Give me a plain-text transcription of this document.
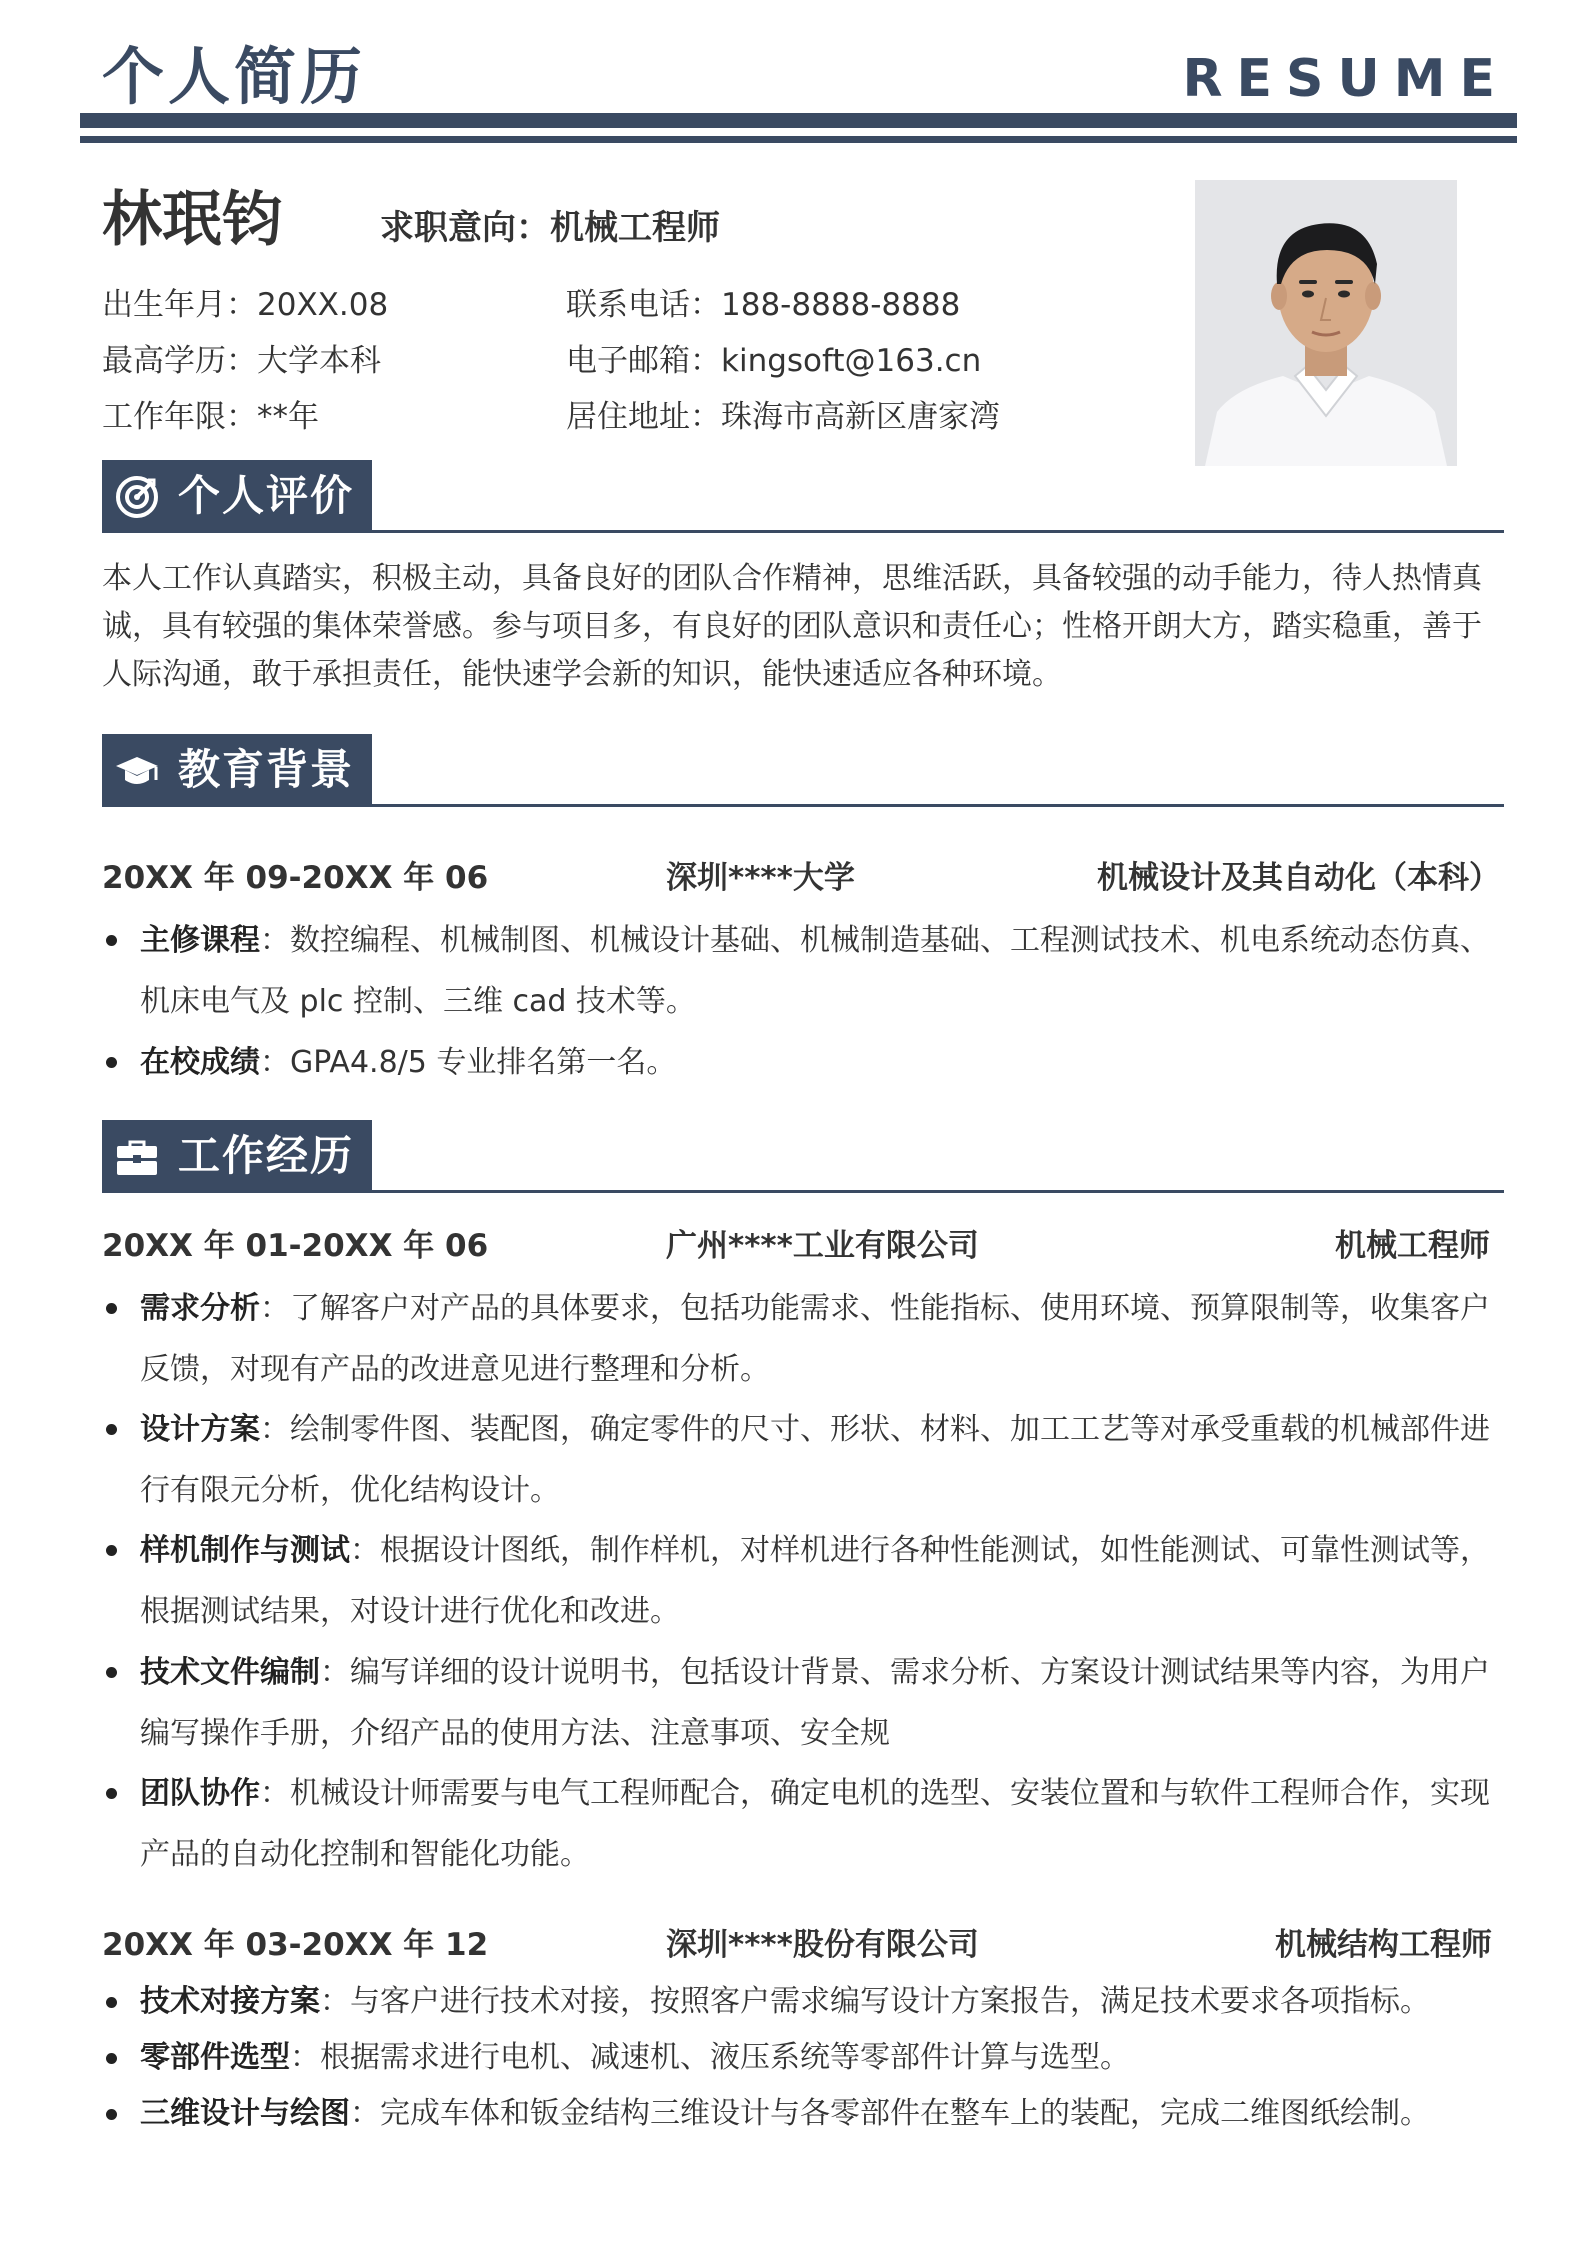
个人简历	RESUME
林珉钧	求职意向：机械工程师
出生年月：20XX.08
最高学历：大学本科
工作年限：**年
联系电话：188-8888-8888
电子邮箱：kingsoft@163.cn
居住地址：珠海市高新区唐家湾
个人评价
本人工作认真踏实，积极主动，具备良好的团队合作精神，思维活跃，具备较强的动手能力，待人热情真诚，具有较强的集体荣誉感。参与项目多，有良好的团队意识和责任心；性格开朗大方，踏实稳重，善于人际沟通，敢于承担责任，能快速学会新的知识，能快速适应各种环境。
教育背景
20XX 年 09-20XX 年 06	深圳****大学	机械设计及其自动化（本科）
主修课程：数控编程、机械制图、机械设计基础、机械制造基础、工程测试技术、机电系统动态仿真、机床电气及 plc 控制、三维 cad 技术等。
在校成绩：GPA4.8/5 专业排名第一名。
工作经历
20XX 年 01-20XX 年 06	广州****工业有限公司	机械工程师
需求分析：了解客户对产品的具体要求，包括功能需求、性能指标、使用环境、预算限制等，收集客户反馈，对现有产品的改进意见进行整理和分析。
设计方案：绘制零件图、装配图，确定零件的尺寸、形状、材料、加工工艺等对承受重载的机械部件进行有限元分析，优化结构设计。
样机制作与测试：根据设计图纸，制作样机，对样机进行各种性能测试，如性能测试、可靠性测试等，根据测试结果，对设计进行优化和改进。
技术文件编制：编写详细的设计说明书，包括设计背景、需求分析、方案设计测试结果等内容，为用户编写操作手册，介绍产品的使用方法、注意事项、安全规
团队协作：机械设计师需要与电气工程师配合，确定电机的选型、安装位置和与软件工程师合作，实现产品的自动化控制和智能化功能。
20XX 年 03-20XX 年 12	深圳****股份有限公司	机械结构工程师
技术对接方案：与客户进行技术对接，按照客户需求编写设计方案报告，满足技术要求各项指标。
零部件选型：根据需求进行电机、减速机、液压系统等零部件计算与选型。
三维设计与绘图：完成车体和钣金结构三维设计与各零部件在整车上的装配，完成二维图纸绘制。
